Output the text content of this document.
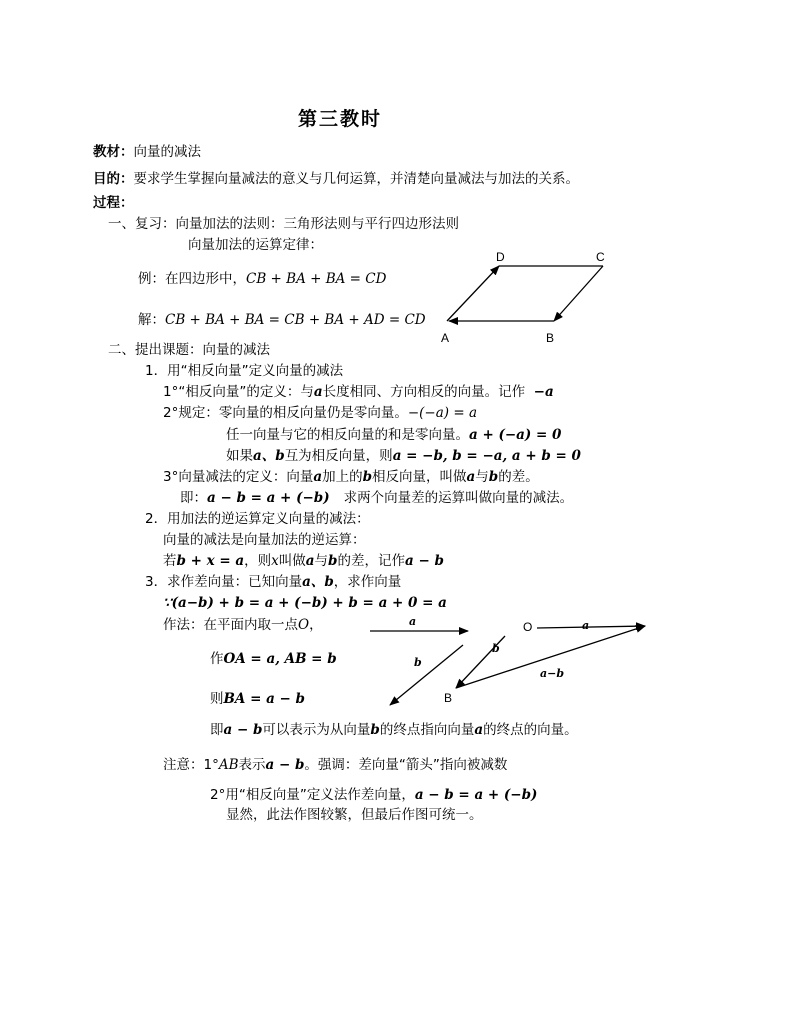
第三教时
教材：向量的减法
目的：要求学生掌握向量减法的意义与几何运算，并清楚向量减法与加法的关系。
过程：
一、复习：向量加法的法则：三角形法则与平行四边形法则
向量加法的运算定律：
例：在四边形中，CB + BA + BA = CD
解：CB + BA + BA = CB + BA + AD = CD
D	C
A	B
a
b
O	a
b
a−b
B
二、提出课题：向量的减法
1．用“相反向量”定义向量的减法
1°“相反向量”的定义：与a长度相同、方向相反的向量。记作 −a
2°规定：零向量的相反向量仍是零向量。−(−a) = a
任一向量与它的相反向量的和是零向量。a + (−a) = 0
如果a、b互为相反向量，则a = −b, b = −a, a + b = 0
3°向量减法的定义：向量a加上的b相反向量，叫做a与b的差。
即：a − b = a + (−b) 求两个向量差的运算叫做向量的减法。
2．用加法的逆运算定义向量的减法：
向量的减法是向量加法的逆运算：
若b + x = a，则x叫做a与b的差，记作a − b
3．求作差向量：已知向量a、b，求作向量
∵(a−b) + b = a + (−b) + b = a + 0 = a
作法：在平面内取一点O，
作OA = a, AB = b
则BA = a − b
即a − b可以表示为从向量b的终点指向向量a的终点的向量。
注意：1°AB表示a − b。强调：差向量“箭头”指向被减数
2°用“相反向量”定义法作差向量，a − b = a + (−b)
显然，此法作图较繁，但最后作图可统一。
